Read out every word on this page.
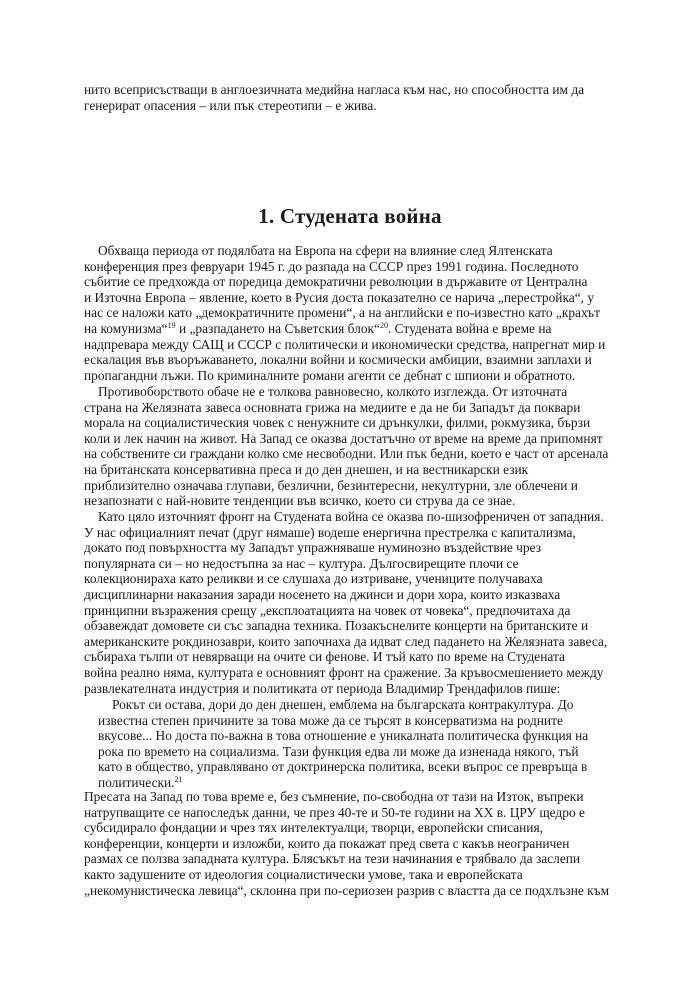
нито всеприсъстващи в англоезичната медийна нагласа към нас, но способността им да
генерират опасения – или пък стереотипи – е жива.

1. Студената война

Обхваща периода от подялбата на Европа на сфери на влияние след Ялтенската
конференция през февруари 1945 г. до разпада на СССР през 1991 година. Последното
събитие се предхожда от поредица демократични революции в държавите от Централна
и Източна Европа – явление, което в Русия доста показателно се нарича „перестройка“, у
нас се наложи като „демократичните промени“, а на английски е по-известно като „крахът
на комунизма“$^{19}$ и „разпадането на Съветския блок“$^{20}$. Студената война е време на
надпревара между САЩ и СССР с политически и икономически средства, напрегнат мир и
ескалация във въоръжаването, локални войни и космически амбиции, взаимни заплахи и
пропагандни лъжи. По криминалните романи агенти се дебнат с шпиони и обратното.

Противоборството обаче не е толкова равновесно, колкото изглежда. От източната
страна на Желязната завеса основната грижа на медиите е да не би Западът да поквари
морала на социалистическия човек с ненужните си дрънкулки, филми, рокмузика, бързи
коли и лек начин на живот. На Запад се оказва достатъчно от време на време да припомнят
на собствените си граждани колко сме несвободни. Или пък бедни, което е част от арсенала
на британската консервативна преса и до ден днешен, и на вестникарски език
приблизително означава глупави, безлични, безинтересни, некултурни, зле облечени и
незапознати с най-новите тенденции във всичко, което си струва да се знае.

Като цяло източният фронт на Студената война се оказва по-шизофреничен от западния.
У нас официалният печат (друг нямаше) водеше енергична престрелка с капитализма,
докато под повърхността му Западът упражняваше нуминозно въздействие чрез
популярната си – но недостъпна за нас – култура. Дългосвирещите плочи се
колекционираха като реликви и се слушаха до изтриване, учениците получаваха
дисциплинарни наказания заради носенето на джинси и дори хора, които изказваха
принципни възражения срещу „експлоатацията на човек от човека“, предпочитаха да
обзавеждат домовете си със западна техника. Позакъснелите концерти на британските и
американските рокдинозаври, които започнаха да идват след падането на Желязната завеса,
събираха тълпи от невярващи на очите си фенове. И тъй като по време на Студената
война реално няма, културата е основният фронт на сражение. За кръвосмешението между
развлекателната индустрия и политиката от периода Владимир Трендафилов пише:

Рокът си остава, дори до ден днешен, емблема на българската контракултура. До
известна степен причините за това може да се търсят в консерватизма на родните
вкусове... Но доста по-важна в това отношение е уникалната политическа функция на
рока по времето на социализма. Тази функция едва ли може да изненада някого, тъй
като в общество, управлявано от доктринерска политика, всеки въпрос се превръща в
политически.$^{21}$

Пресата на Запад по това време е, без съмнение, по-свободна от тази на Изток, въпреки
натрупващите се напоследък данни, че през 40-те и 50-те години на ХХ в. ЦРУ щедро е
субсидирало фондации и чрез тях интелектуалци, творци, европейски списания,
конференции, концерти и изложби, които да покажат пред света с какъв неограничен
размах се ползва западната култура. Блясъкът на тези начинания е трябвало да заслепи
както задушените от идеология социалистически умове, така и европейската
„некомунистическа левица“, склонна при по-сериозен разрив с властта да се подхлъзне към
